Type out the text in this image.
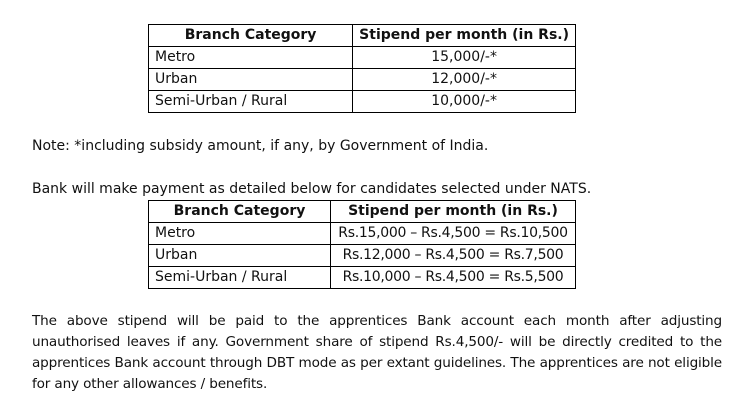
Branch Category	Stipend per month (in Rs.)
Metro	15,000/-*
Urban	12,000/-*
Semi-Urban / Rural	10,000/-*

Note: *including subsidy amount, if any, by Government of India.

Bank will make payment as detailed below for candidates selected under NATS.

Branch Category	Stipend per month (in Rs.)
Metro	Rs.15,000 – Rs.4,500 = Rs.10,500
Urban	Rs.12,000 – Rs.4,500 = Rs.7,500
Semi-Urban / Rural	Rs.10,000 – Rs.4,500 = Rs.5,500

The above stipend will be paid to the apprentices Bank account each month after adjusting unauthorised leaves if any. Government share of stipend Rs.4,500/- will be directly credited to the apprentices Bank account through DBT mode as per extant guidelines. The apprentices are not eligible for any other allowances / benefits.
